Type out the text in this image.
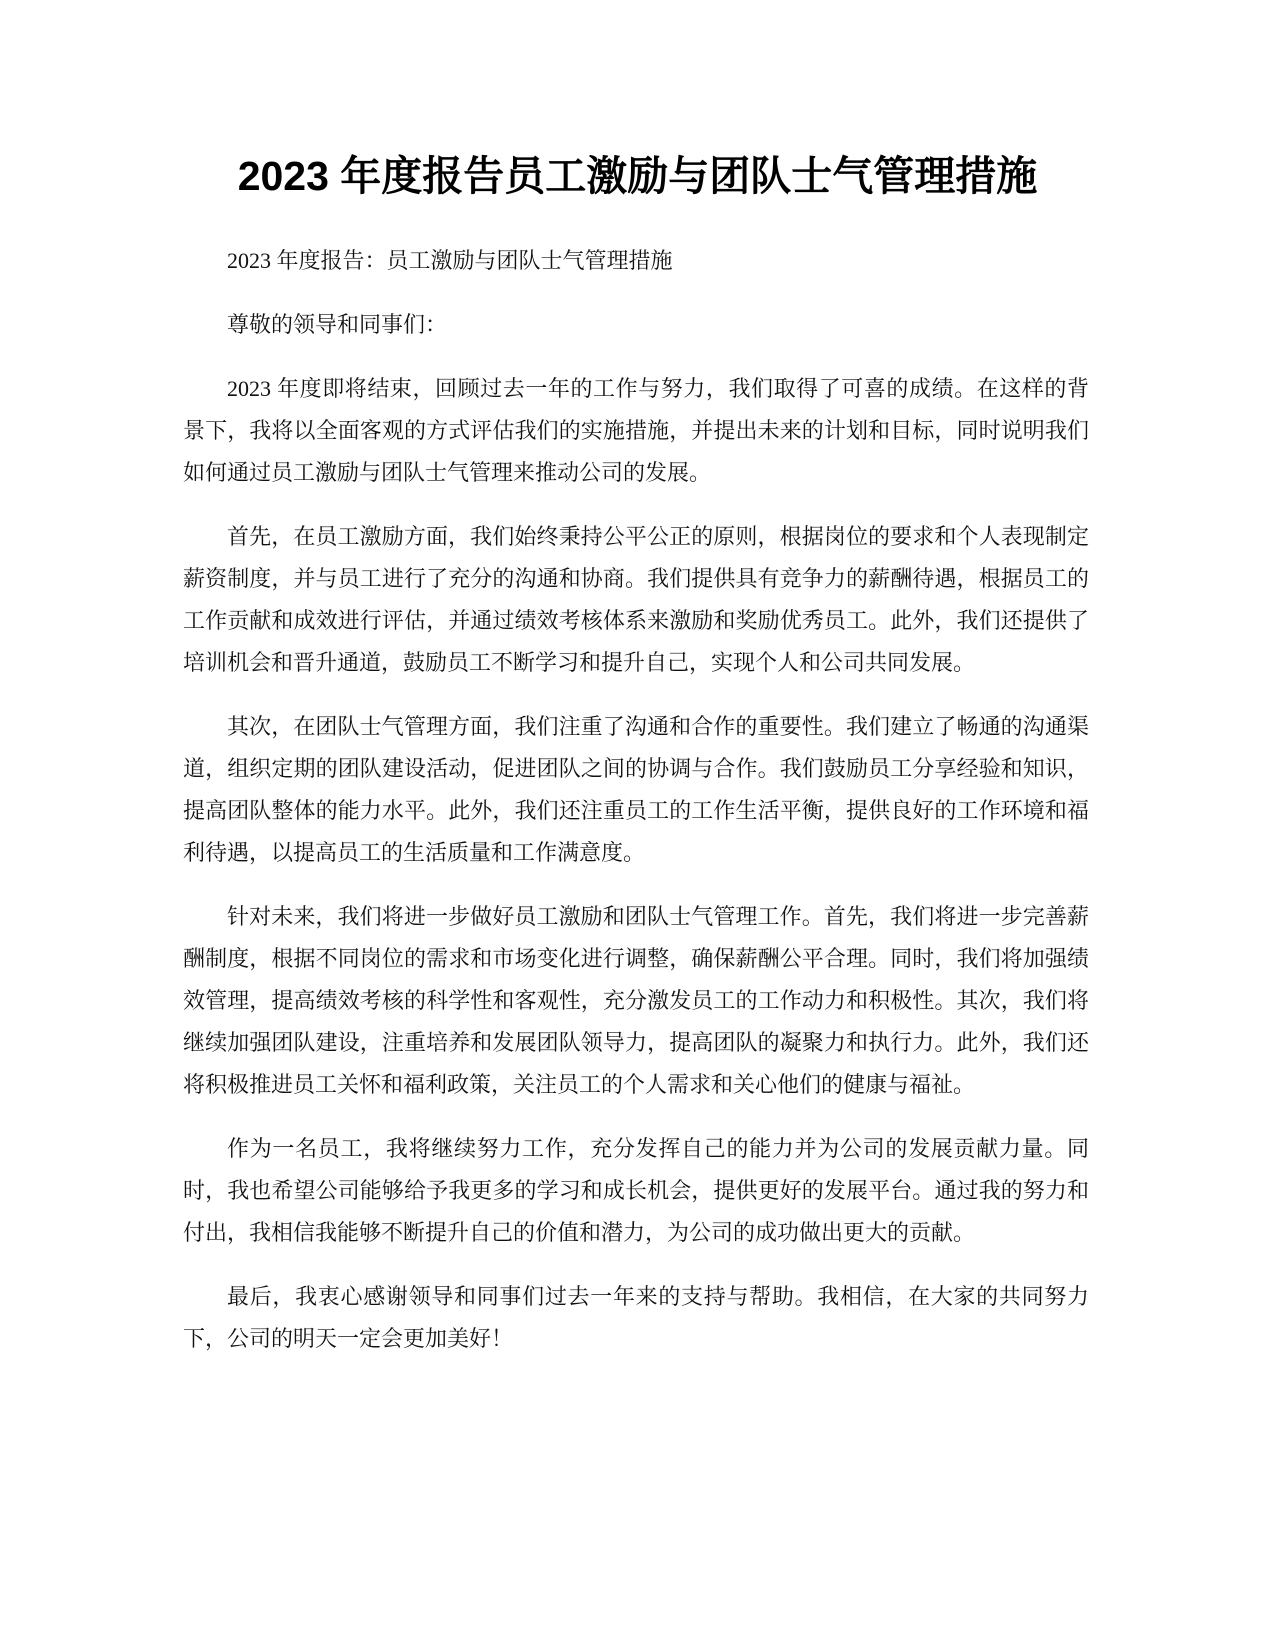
2023 年度报告员工激励与团队士气管理措施

2023 年度报告：员工激励与团队士气管理措施

尊敬的领导和同事们：

2023 年度即将结束，回顾过去一年的工作与努力，我们取得了可喜的成绩。在这样的背景下，我将以全面客观的方式评估我们的实施措施，并提出未来的计划和目标，同时说明我们如何通过员工激励与团队士气管理来推动公司的发展。

首先，在员工激励方面，我们始终秉持公平公正的原则，根据岗位的要求和个人表现制定薪资制度，并与员工进行了充分的沟通和协商。我们提供具有竞争力的薪酬待遇，根据员工的工作贡献和成效进行评估，并通过绩效考核体系来激励和奖励优秀员工。此外，我们还提供了培训机会和晋升通道，鼓励员工不断学习和提升自己，实现个人和公司共同发展。

其次，在团队士气管理方面，我们注重了沟通和合作的重要性。我们建立了畅通的沟通渠道，组织定期的团队建设活动，促进团队之间的协调与合作。我们鼓励员工分享经验和知识，提高团队整体的能力水平。此外，我们还注重员工的工作生活平衡，提供良好的工作环境和福利待遇，以提高员工的生活质量和工作满意度。

针对未来，我们将进一步做好员工激励和团队士气管理工作。首先，我们将进一步完善薪酬制度，根据不同岗位的需求和市场变化进行调整，确保薪酬公平合理。同时，我们将加强绩效管理，提高绩效考核的科学性和客观性，充分激发员工的工作动力和积极性。其次，我们将继续加强团队建设，注重培养和发展团队领导力，提高团队的凝聚力和执行力。此外，我们还将积极推进员工关怀和福利政策，关注员工的个人需求和关心他们的健康与福祉。

作为一名员工，我将继续努力工作，充分发挥自己的能力并为公司的发展贡献力量。同时，我也希望公司能够给予我更多的学习和成长机会，提供更好的发展平台。通过我的努力和付出，我相信我能够不断提升自己的价值和潜力，为公司的成功做出更大的贡献。

最后，我衷心感谢领导和同事们过去一年来的支持与帮助。我相信，在大家的共同努力下，公司的明天一定会更加美好！
